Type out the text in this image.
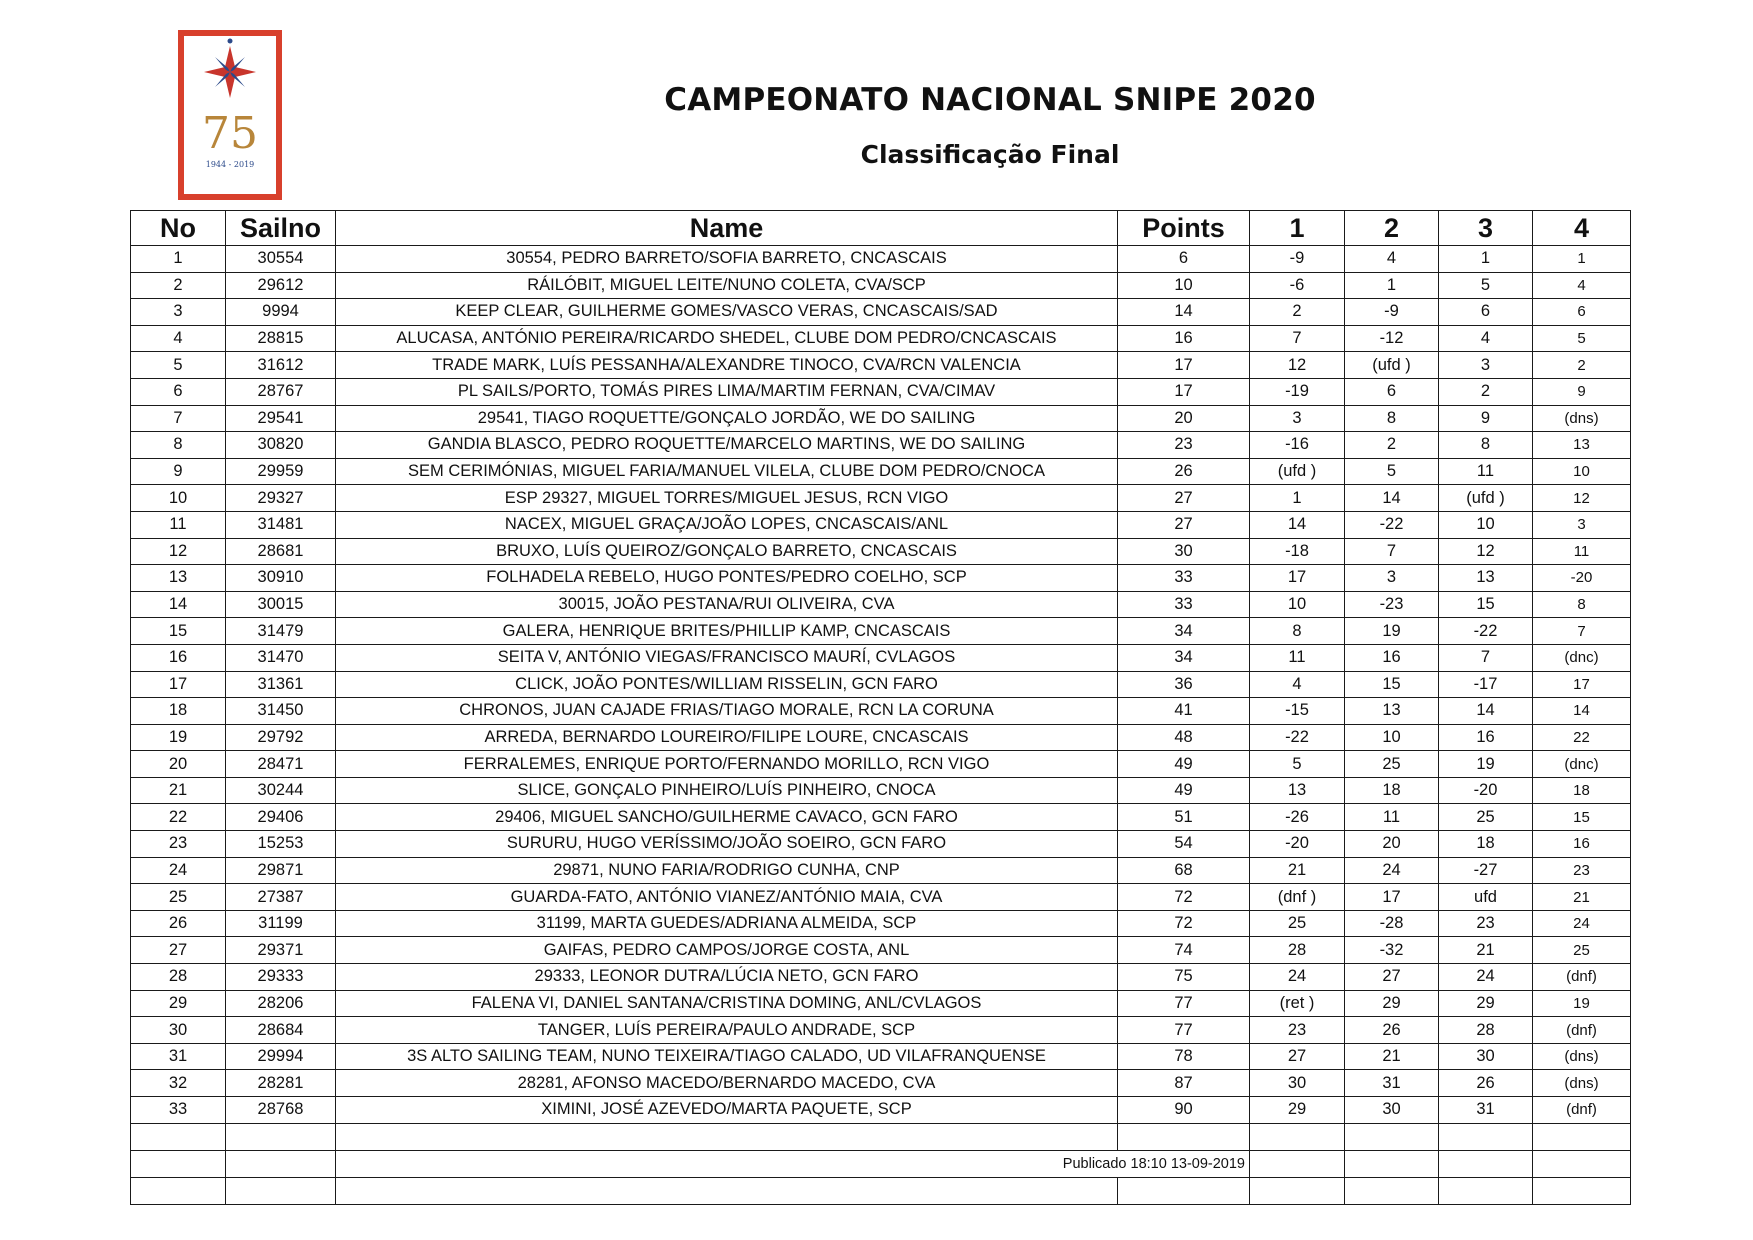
75
1944 - 2019
CAMPEONATO NACIONAL SNIPE 2020
Classificação Final
No	Sailno	Name	Points	1	2	3	4
1	30554	30554, PEDRO BARRETO/SOFIA BARRETO, CNCASCAIS	6	-9	4	1	1
2	29612	RÁILÓBIT, MIGUEL LEITE/NUNO COLETA, CVA/SCP	10	-6	1	5	4
3	9994	KEEP CLEAR, GUILHERME GOMES/VASCO VERAS, CNCASCAIS/SAD	14	2	-9	6	6
4	28815	ALUCASA, ANTÓNIO PEREIRA/RICARDO SHEDEL, CLUBE DOM PEDRO/CNCASCAIS	16	7	-12	4	5
5	31612	TRADE MARK, LUÍS PESSANHA/ALEXANDRE TINOCO, CVA/RCN VALENCIA	17	12	(ufd )	3	2
6	28767	PL SAILS/PORTO, TOMÁS PIRES LIMA/MARTIM FERNAN, CVA/CIMAV	17	-19	6	2	9
7	29541	29541, TIAGO ROQUETTE/GONÇALO JORDÃO, WE DO SAILING	20	3	8	9	(dns)
8	30820	GANDIA BLASCO, PEDRO ROQUETTE/MARCELO MARTINS, WE DO SAILING	23	-16	2	8	13
9	29959	SEM CERIMÓNIAS, MIGUEL FARIA/MANUEL VILELA, CLUBE DOM PEDRO/CNOCA	26	(ufd )	5	11	10
10	29327	ESP 29327, MIGUEL TORRES/MIGUEL JESUS, RCN VIGO	27	1	14	(ufd )	12
11	31481	NACEX, MIGUEL GRAÇA/JOÃO LOPES, CNCASCAIS/ANL	27	14	-22	10	3
12	28681	BRUXO, LUÍS QUEIROZ/GONÇALO BARRETO, CNCASCAIS	30	-18	7	12	11
13	30910	FOLHADELA REBELO, HUGO PONTES/PEDRO COELHO, SCP	33	17	3	13	-20
14	30015	30015, JOÃO PESTANA/RUI OLIVEIRA, CVA	33	10	-23	15	8
15	31479	GALERA, HENRIQUE BRITES/PHILLIP KAMP, CNCASCAIS	34	8	19	-22	7
16	31470	SEITA V, ANTÓNIO VIEGAS/FRANCISCO MAURÍ, CVLAGOS	34	11	16	7	(dnc)
17	31361	CLICK, JOÃO PONTES/WILLIAM RISSELIN, GCN FARO	36	4	15	-17	17
18	31450	CHRONOS, JUAN CAJADE FRIAS/TIAGO MORALE, RCN LA CORUNA	41	-15	13	14	14
19	29792	ARREDA, BERNARDO LOUREIRO/FILIPE LOURE, CNCASCAIS	48	-22	10	16	22
20	28471	FERRALEMES, ENRIQUE PORTO/FERNANDO MORILLO, RCN VIGO	49	5	25	19	(dnc)
21	30244	SLICE, GONÇALO PINHEIRO/LUÍS PINHEIRO, CNOCA	49	13	18	-20	18
22	29406	29406, MIGUEL SANCHO/GUILHERME CAVACO, GCN FARO	51	-26	11	25	15
23	15253	SURURU, HUGO VERÍSSIMO/JOÃO SOEIRO, GCN FARO	54	-20	20	18	16
24	29871	29871, NUNO FARIA/RODRIGO CUNHA, CNP	68	21	24	-27	23
25	27387	GUARDA-FATO, ANTÓNIO VIANEZ/ANTÓNIO MAIA, CVA	72	(dnf )	17	ufd	21
26	31199	31199, MARTA GUEDES/ADRIANA ALMEIDA, SCP	72	25	-28	23	24
27	29371	GAIFAS, PEDRO CAMPOS/JORGE COSTA, ANL	74	28	-32	21	25
28	29333	29333, LEONOR DUTRA/LÚCIA NETO, GCN FARO	75	24	27	24	(dnf)
29	28206	FALENA VI, DANIEL SANTANA/CRISTINA DOMING, ANL/CVLAGOS	77	(ret )	29	29	19
30	28684	TANGER, LUÍS PEREIRA/PAULO ANDRADE, SCP	77	23	26	28	(dnf)
31	29994	3S ALTO SAILING TEAM, NUNO TEIXEIRA/TIAGO CALADO, UD VILAFRANQUENSE	78	27	21	30	(dns)
32	28281	28281, AFONSO MACEDO/BERNARDO MACEDO, CVA	87	30	31	26	(dns)
33	28768	XIMINI, JOSÉ AZEVEDO/MARTA PAQUETE, SCP	90	29	30	31	(dnf)

		Publicado 18:10 13-09-2019					
